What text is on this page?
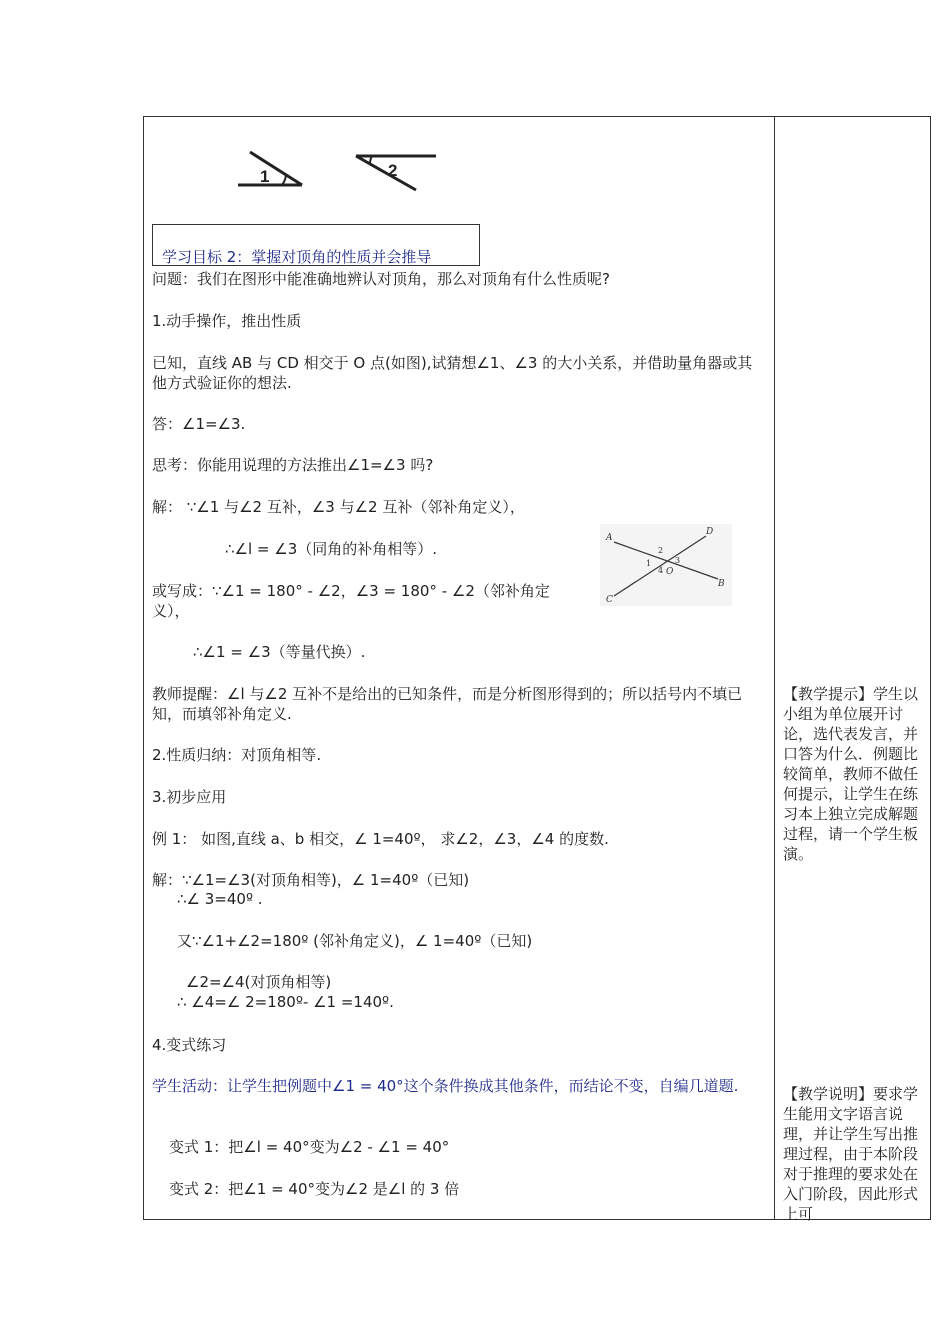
1	2
学习目标 2：掌握对顶角的性质并会推导
问题：我们在图形中能准确地辨认对顶角，那么对顶角有什么性质呢?
1.动手操作，推出性质
已知，直线 AB 与 CD 相交于 O 点(如图),试猜想∠1、∠3 的大小关系，并借助量角器或其他方式验证你的想法.
答：∠1=∠3.
思考：你能用说理的方法推出∠1=∠3 吗?
解： ∵∠1 与∠2 互补，∠3 与∠2 互补（邻补角定义），
∴∠l = ∠3（同角的补角相等）.
或写成：∵∠1 = 180° - ∠2，∠3 = 180° - ∠2（邻补角定义），
∴∠1 = ∠3（等量代换）.
教师提醒：∠l 与∠2 互补不是给出的已知条件，而是分析图形得到的；所以括号内不填已知，而填邻补角定义.
2.性质归纳：对顶角相等.
3.初步应用
例 1： 如图,直线 a、b 相交，∠ 1=40º， 求∠2，∠3，∠4 的度数.
解：∵∠1=∠3(对顶角相等)，∠ 1=40º（已知)
∴∠ 3=40º .
又∵∠1+∠2=180º (邻补角定义)，∠ 1=40º（已知)
∠2=∠4(对顶角相等)
∴ ∠4=∠ 2=180º- ∠1 =140º.
4.变式练习
学生活动：让学生把例题中∠1 = 40°这个条件换成其他条件，而结论不变，自编几道题.
变式 1：把∠l = 40°变为∠2 - ∠1 = 40°
变式 2：把∠1 = 40°变为∠2 是∠l 的 3 倍
A
B
C
D
O
1
2
3
4
【教学提示】学生以小组为单位展开讨论，选代表发言，并口答为什么．例题比较简单，教师不做任何提示，让学生在练习本上独立完成解题过程，请一个学生板演。
【教学说明】要求学生能用文字语言说理，并让学生写出推理过程，由于本阶段对于推理的要求处在入门阶段，因此形式上可
